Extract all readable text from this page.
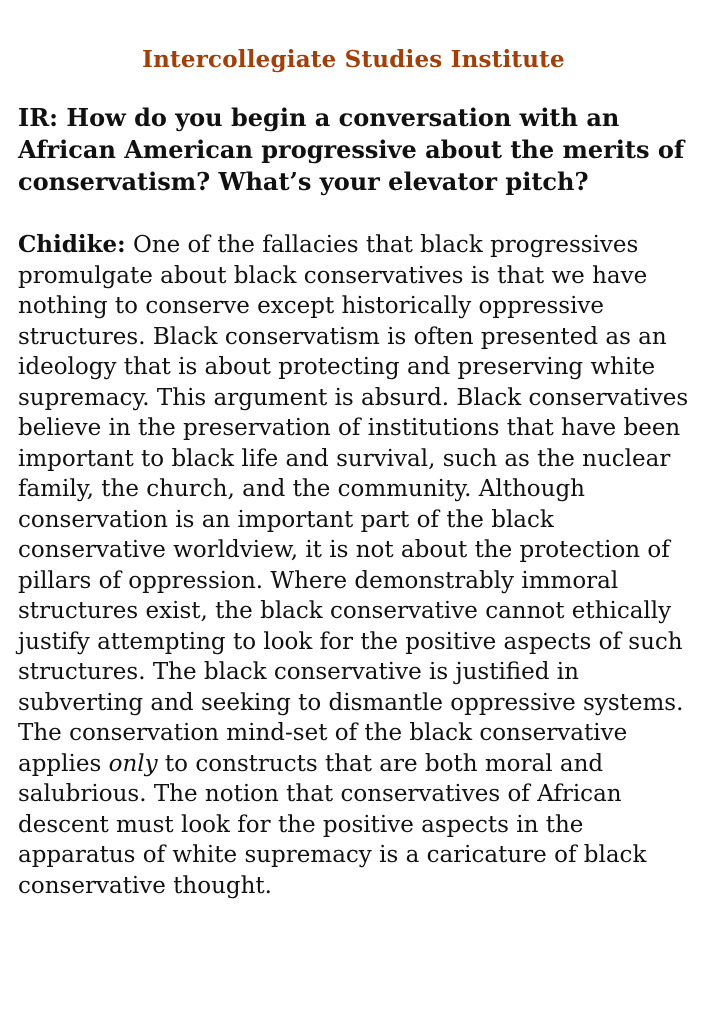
Intercollegiate Studies Institute

IR: How do you begin a conversation with an African American progressive about the merits of conservatism? What’s your elevator pitch?

Chidike: One of the fallacies that black progressives promulgate about black conservatives is that we have nothing to conserve except historically oppressive structures. Black conservatism is often presented as an ideology that is about protecting and preserving white supremacy. This argument is absurd. Black conservatives believe in the preservation of institutions that have been important to black life and survival, such as the nuclear family, the church, and the community. Although conservation is an important part of the black conservative worldview, it is not about the protection of pillars of oppression. Where demonstrably immoral structures exist, the black conservative cannot ethically justify attempting to look for the positive aspects of such structures. The black conservative is justified in subverting and seeking to dismantle oppressive systems. The conservation mind-set of the black conservative applies only to constructs that are both moral and salubrious. The notion that conservatives of African descent must look for the positive aspects in the apparatus of white supremacy is a caricature of black conservative thought.
